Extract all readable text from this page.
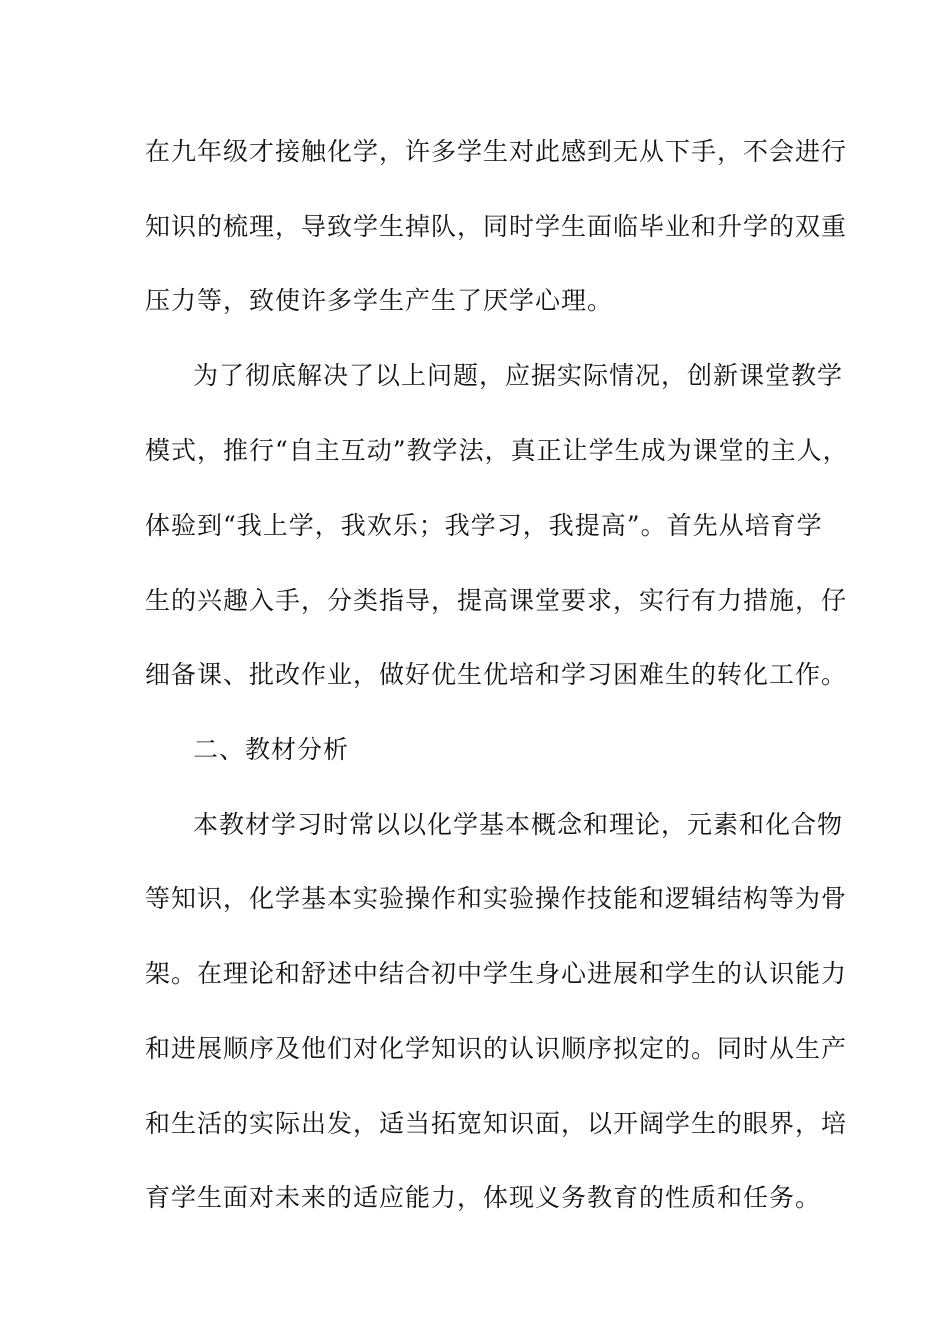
在九年级才接触化学，许多学生对此感到无从下手，不会进行
知识的梳理，导致学生掉队，同时学生面临毕业和升学的双重
压力等，致使许多学生产生了厌学心理。
为了彻底解决了以上问题，应据实际情况，创新课堂教学
模式，推行“自主互动”教学法，真正让学生成为课堂的主人，
体验到“我上学，我欢乐；我学习，我提高”。首先从培育学
生的兴趣入手，分类指导，提高课堂要求，实行有力措施，仔
细备课、批改作业，做好优生优培和学习困难生的转化工作。
二、教材分析
本教材学习时常以以化学基本概念和理论，元素和化合物
等知识，化学基本实验操作和实验操作技能和逻辑结构等为骨
架。在理论和舒述中结合初中学生身心进展和学生的认识能力
和进展顺序及他们对化学知识的认识顺序拟定的。同时从生产
和生活的实际出发，适当拓宽知识面，以开阔学生的眼界，培
育学生面对未来的适应能力，体现义务教育的性质和任务。
